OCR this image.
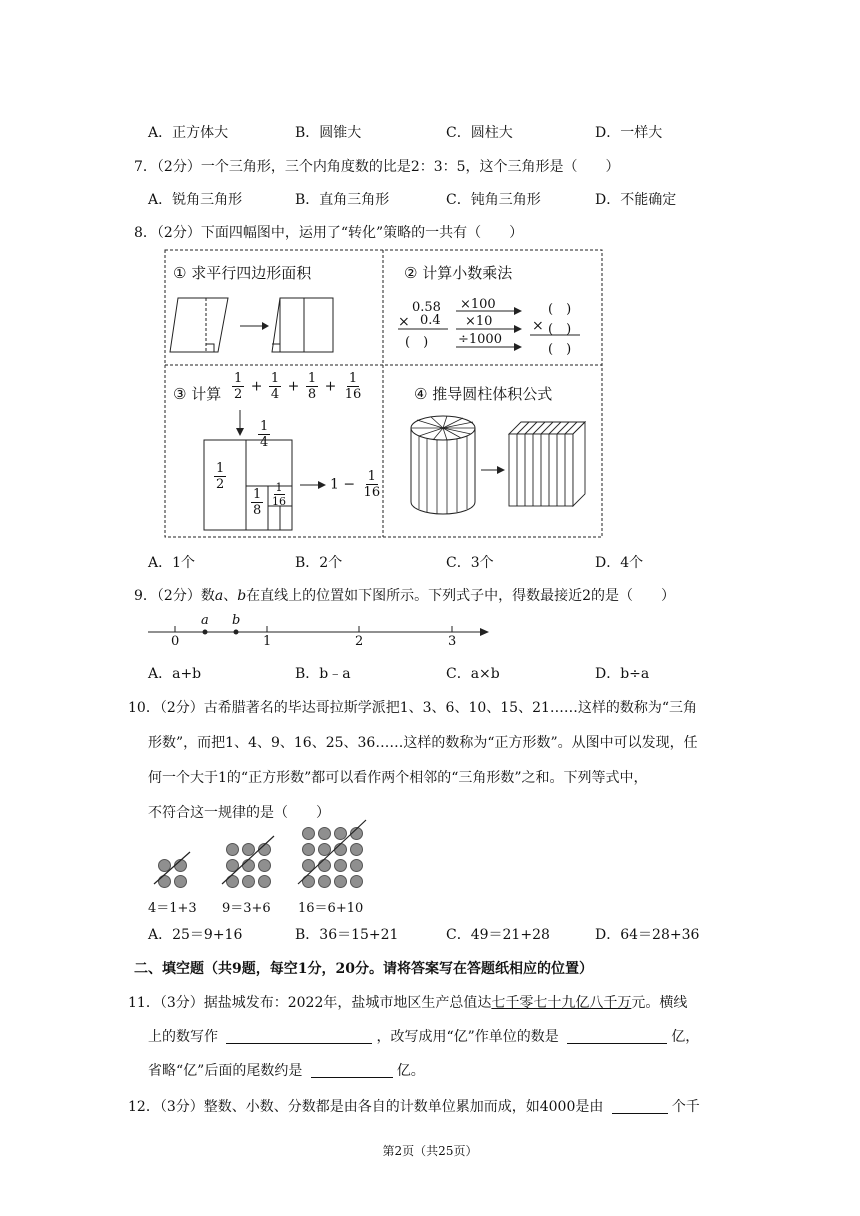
A．正方体大	B．圆锥大	C．圆柱大	D．一样大
7．（2分）一个三角形，三个内角度数的比是2：3：5，这个三角形是（　　）
A．锐角三角形	B．直角三角形	C．钝角三角形	D．不能确定
8．（2分）下面四幅图中，运用了“转化”策略的一共有（　　）
① 求平行四边形面积	② 计算小数乘法
0.58
× 0.4
(　)
×100
×10
÷1000
(　)
× (　)
(　)
③ 计算 $\frac{1}{2} + \frac{1}{4} + \frac{1}{8} + \frac{1}{16}$
$\frac{1}{2}$
$\frac{1}{4}$
$\frac{1}{8} \frac{1}{16}$	$1 - \frac{1}{16}$
④ 推导圆柱体积公式
A．1个	B．2个	C．3个	D．4个
9．（2分）数a、b在直线上的位置如下图所示。下列式子中，得数最接近2的是（　　）
0	1	2	3
a b
A．a+b	B．b﹣a	C．a×b	D．b÷a
10．（2分）古希腊著名的毕达哥拉斯学派把1、3、6、10、15、21……这样的数称为“三角
形数”，而把1、4、9、16、25、36……这样的数称为“正方形数”。从图中可以发现，任
何一个大于1的“正方形数”都可以看作两个相邻的“三角形数”之和。下列等式中，
不符合这一规律的是（　　）
4＝1+3 9＝3+6 16＝6+10
A．25＝9+16	B．36＝15+21	C．49＝21+28	D．64＝28+36
二、填空题（共9题，每空1分，20分。请将答案写在答题纸相应的位置）
11．（3分）据盐城发布：2022年，盐城市地区生产总值达七千零七十九亿八千万元。横线
上的数写作	，改写成用“亿”作单位的数是	亿，
省略“亿”后面的尾数约是	亿。
12．（3分）整数、小数、分数都是由各自的计数单位累加而成，如4000是由	个千
第2页（共25页）
